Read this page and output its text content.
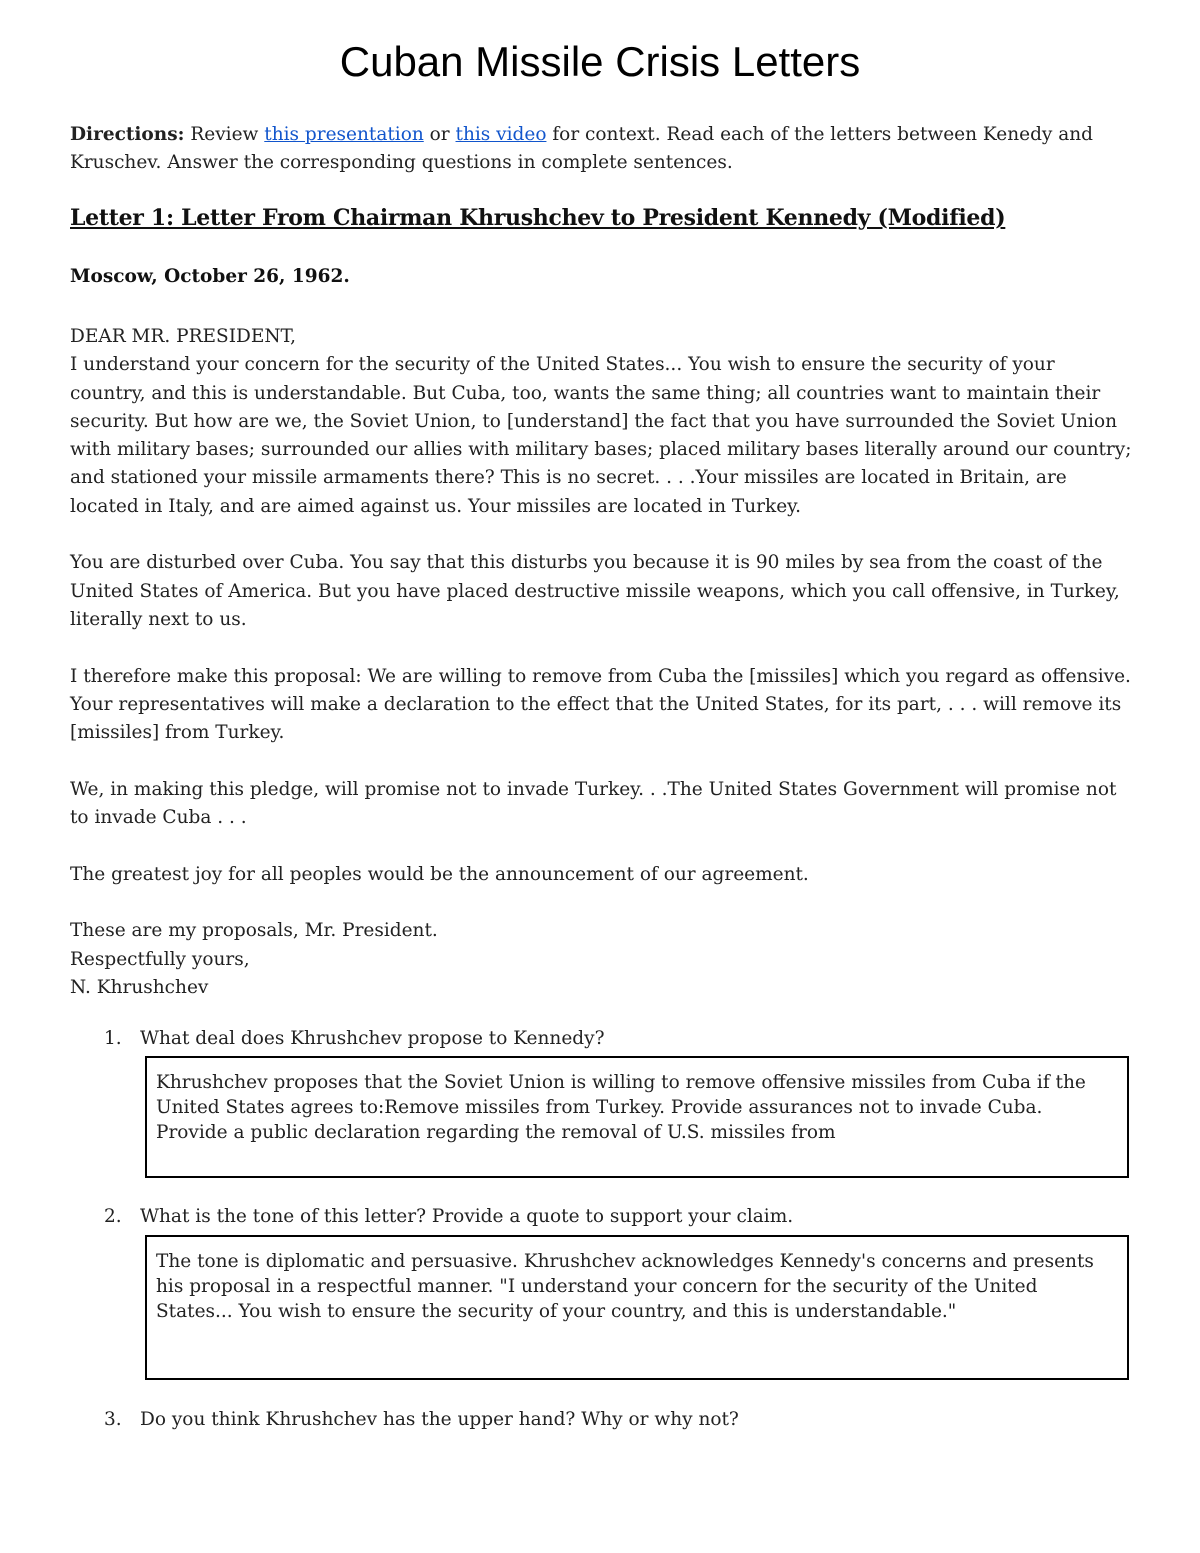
Cuban Missile Crisis Letters

Directions: Review this presentation or this video for context. Read each of the letters between Kenedy and Kruschev. Answer the corresponding questions in complete sentences.

Letter 1: Letter From Chairman Khrushchev to President Kennedy (Modified)

Moscow, October 26, 1962.

DEAR MR. PRESIDENT,

I understand your concern for the security of the United States... You wish to ensure the security of your country, and this is understandable. But Cuba, too, wants the same thing; all countries want to maintain their security. But how are we, the Soviet Union, to [understand] the fact that you have surrounded the Soviet Union with military bases; surrounded our allies with military bases; placed military bases literally around our country; and stationed your missile armaments there? This is no secret. . . .Your missiles are located in Britain, are located in Italy, and are aimed against us. Your missiles are located in Turkey.

You are disturbed over Cuba. You say that this disturbs you because it is 90 miles by sea from the coast of the United States of America. But you have placed destructive missile weapons, which you call offensive, in Turkey, literally next to us.

I therefore make this proposal: We are willing to remove from Cuba the [missiles] which you regard as offensive. Your representatives will make a declaration to the effect that the United States, for its part, . . . will remove its [missiles] from Turkey.

We, in making this pledge, will promise not to invade Turkey. . .The United States Government will promise not to invade Cuba . . .

The greatest joy for all peoples would be the announcement of our agreement.

These are my proposals, Mr. President.
Respectfully yours,
N. Khrushchev

1. What deal does Khrushchev propose to Kennedy?

Khrushchev proposes that the Soviet Union is willing to remove offensive missiles from Cuba if the United States agrees to:Remove missiles from Turkey. Provide assurances not to invade Cuba. Provide a public declaration regarding the removal of U.S. missiles from

2. What is the tone of this letter? Provide a quote to support your claim.

The tone is diplomatic and persuasive. Khrushchev acknowledges Kennedy's concerns and presents his proposal in a respectful manner. "I understand your concern for the security of the United States... You wish to ensure the security of your country, and this is understandable."

3. Do you think Khrushchev has the upper hand? Why or why not?
